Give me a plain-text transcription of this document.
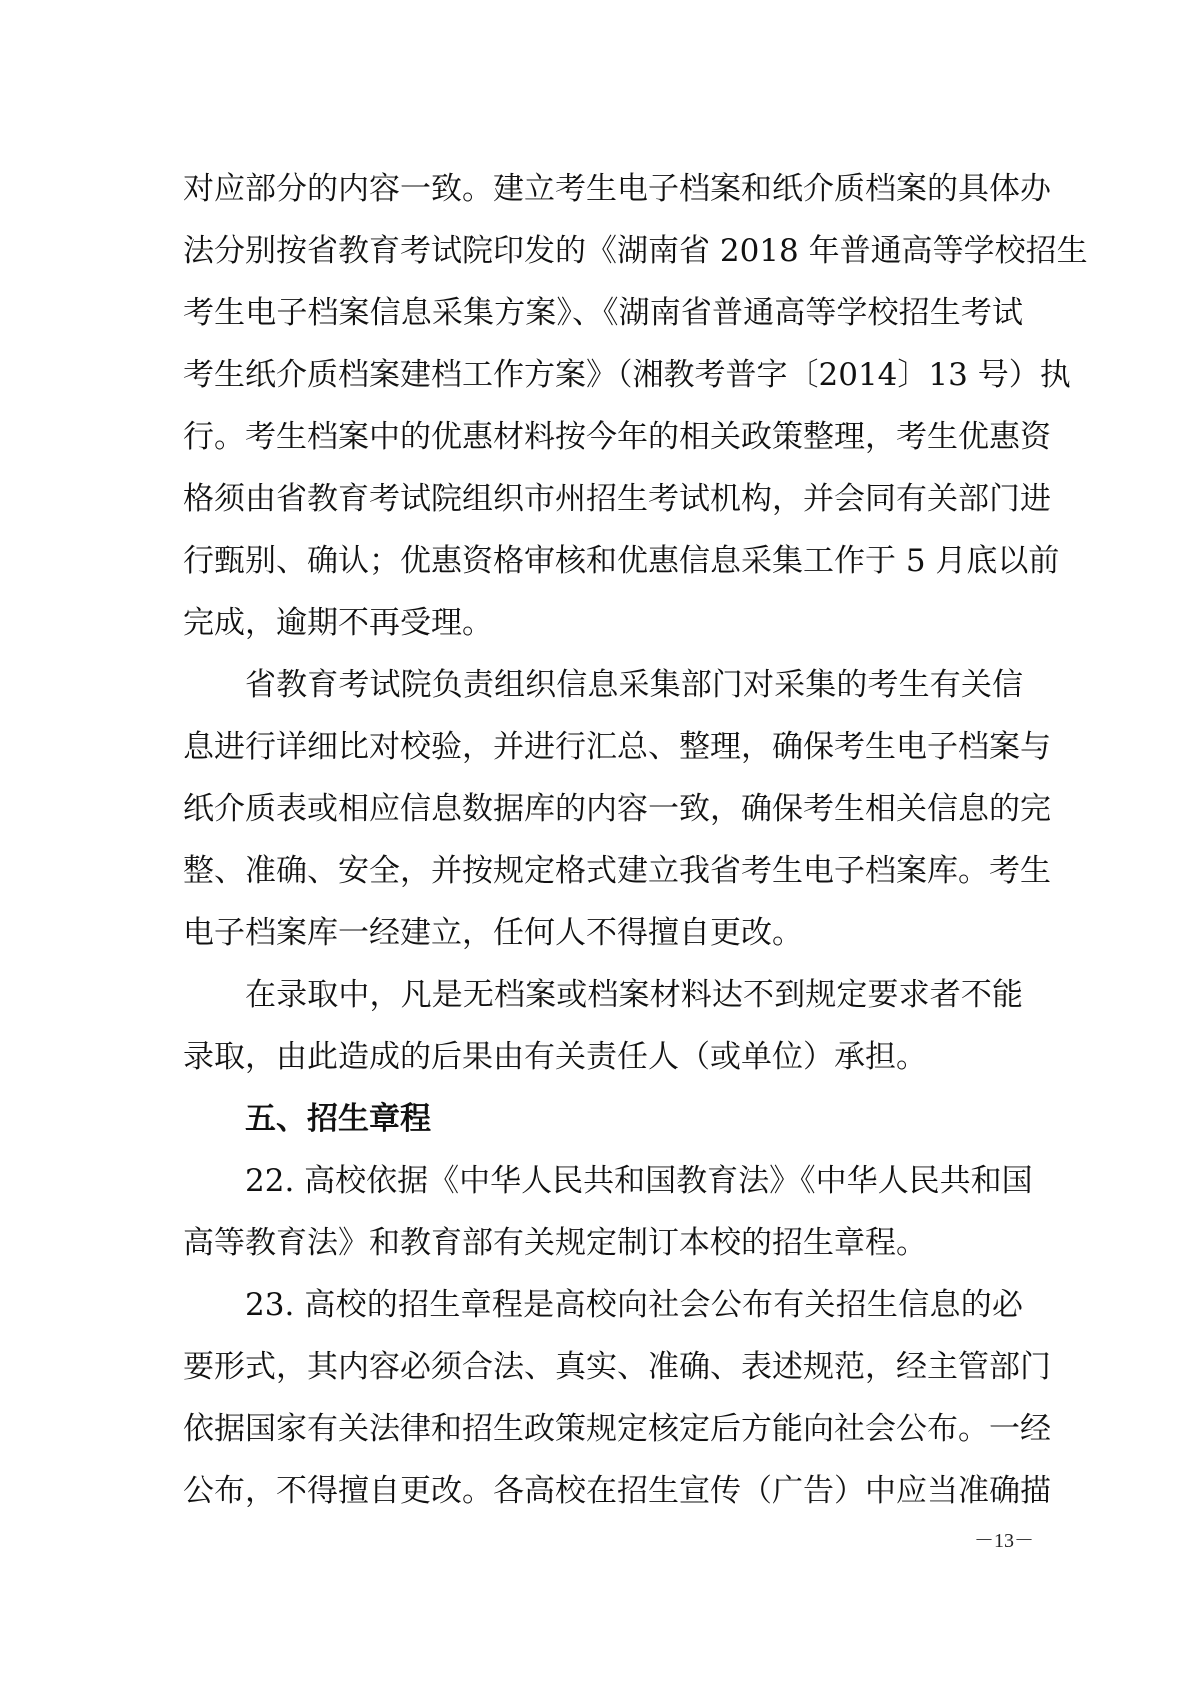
对应部分的内容一致。建立考生电子档案和纸介质档案的具体办
法分别按省教育考试院印发的《湖南省 2018 年普通高等学校招生
考生电子档案信息采集方案》、《湖南省普通高等学校招生考试
考生纸介质档案建档工作方案》（湘教考普字〔2014〕13 号）执
行。考生档案中的优惠材料按今年的相关政策整理，考生优惠资
格须由省教育考试院组织市州招生考试机构，并会同有关部门进
行甄别、确认；优惠资格审核和优惠信息采集工作于 5 月底以前
完成，逾期不再受理。
省教育考试院负责组织信息采集部门对采集的考生有关信
息进行详细比对校验，并进行汇总、整理，确保考生电子档案与
纸介质表或相应信息数据库的内容一致，确保考生相关信息的完
整、准确、安全，并按规定格式建立我省考生电子档案库。考生
电子档案库一经建立，任何人不得擅自更改。
在录取中，凡是无档案或档案材料达不到规定要求者不能
录取，由此造成的后果由有关责任人（或单位）承担。
五、招生章程
22. 高校依据《中华人民共和国教育法》《中华人民共和国
高等教育法》和教育部有关规定制订本校的招生章程。
23. 高校的招生章程是高校向社会公布有关招生信息的必
要形式，其内容必须合法、真实、准确、表述规范，经主管部门
依据国家有关法律和招生政策规定核定后方能向社会公布。一经
公布，不得擅自更改。各高校在招生宣传（广告）中应当准确描
－13－
